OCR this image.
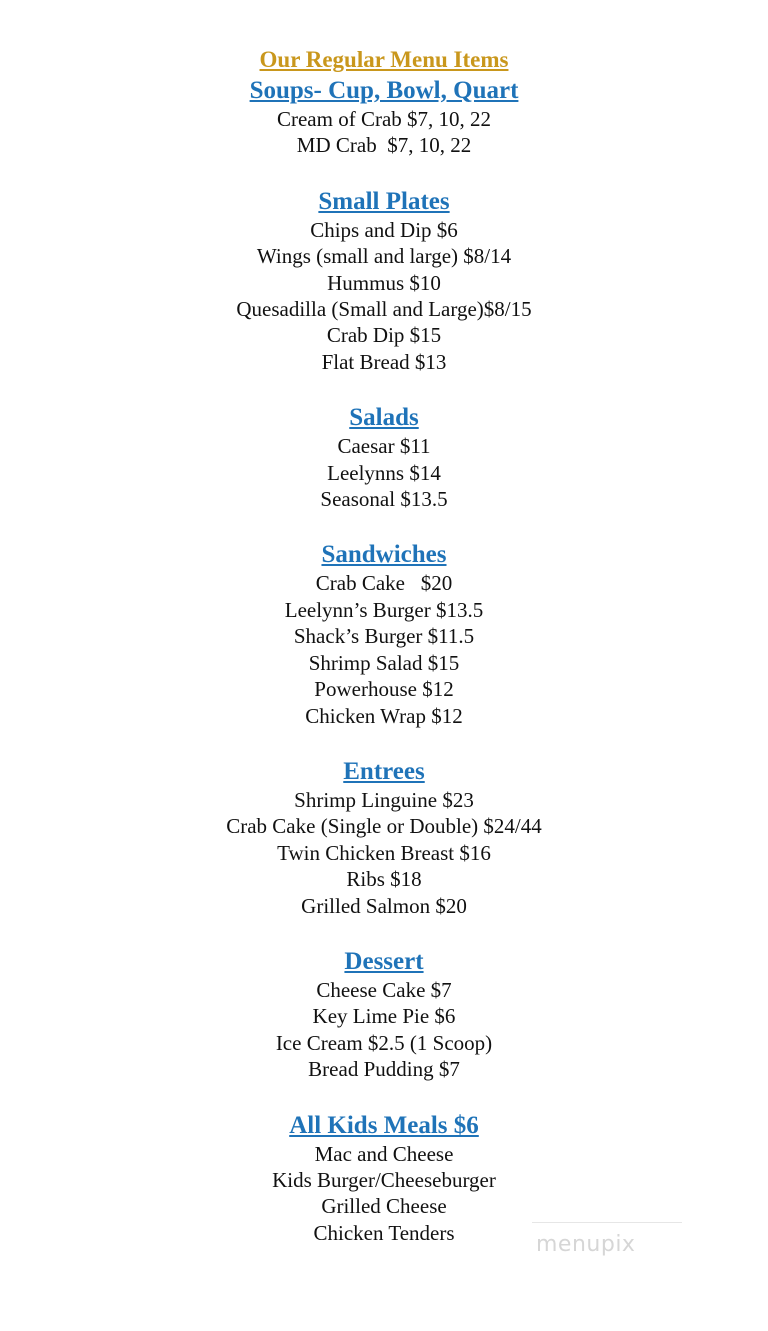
Our Regular Menu Items

Soups- Cup, Bowl, Quart

Cream of Crab $7, 10, 22

MD Crab  $7, 10, 22

Small Plates

Chips and Dip $6

Wings (small and large) $8/14

Hummus $10

Quesadilla (Small and Large)$8/15

Crab Dip $15

Flat Bread $13

Salads

Caesar $11

Leelynns $14

Seasonal $13.5

Sandwiches

Crab Cake   $20

Leelynn’s Burger $13.5

Shack’s Burger $11.5

Shrimp Salad $15

Powerhouse $12

Chicken Wrap $12

Entrees

Shrimp Linguine $23

Crab Cake (Single or Double) $24/44

Twin Chicken Breast $16

Ribs $18

Grilled Salmon $20

Dessert

Cheese Cake $7

Key Lime Pie $6

Ice Cream $2.5 (1 Scoop)

Bread Pudding $7

All Kids Meals $6

Mac and Cheese

Kids Burger/Cheeseburger

Grilled Cheese

Chicken Tenders	menupix
